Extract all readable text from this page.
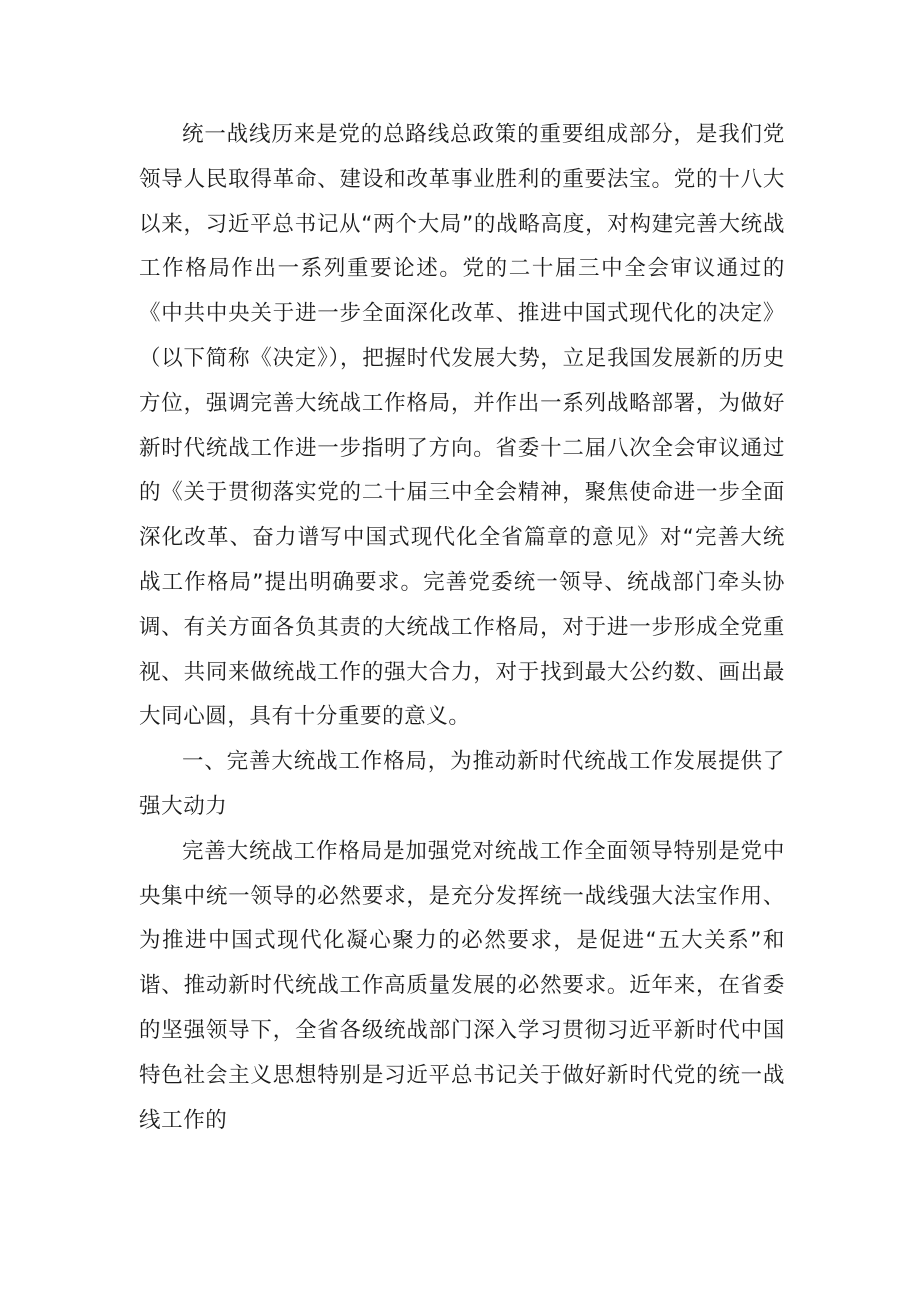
统一战线历来是党的总路线总政策的重要组成部分，是我们党领导人民取得革命、建设和改革事业胜利的重要法宝。党的十八大以来，习近平总书记从“两个大局”的战略高度，对构建完善大统战工作格局作出一系列重要论述。党的二十届三中全会审议通过的《中共中央关于进一步全面深化改革、推进中国式现代化的决定》（以下简称《决定》），把握时代发展大势，立足我国发展新的历史方位，强调完善大统战工作格局，并作出一系列战略部署，为做好新时代统战工作进一步指明了方向。省委十二届八次全会审议通过的《关于贯彻落实党的二十届三中全会精神，聚焦使命进一步全面深化改革、奋力谱写中国式现代化全省篇章的意见》对“完善大统战工作格局”提出明确要求。完善党委统一领导、统战部门牵头协调、有关方面各负其责的大统战工作格局，对于进一步形成全党重视、共同来做统战工作的强大合力，对于找到最大公约数、画出最大同心圆，具有十分重要的意义。

一、完善大统战工作格局，为推动新时代统战工作发展提供了强大动力

完善大统战工作格局是加强党对统战工作全面领导特别是党中央集中统一领导的必然要求，是充分发挥统一战线强大法宝作用、为推进中国式现代化凝心聚力的必然要求，是促进“五大关系”和谐、推动新时代统战工作高质量发展的必然要求。近年来，在省委的坚强领导下，全省各级统战部门深入学习贯彻习近平新时代中国特色社会主义思想特别是习近平总书记关于做好新时代党的统一战线工作的
